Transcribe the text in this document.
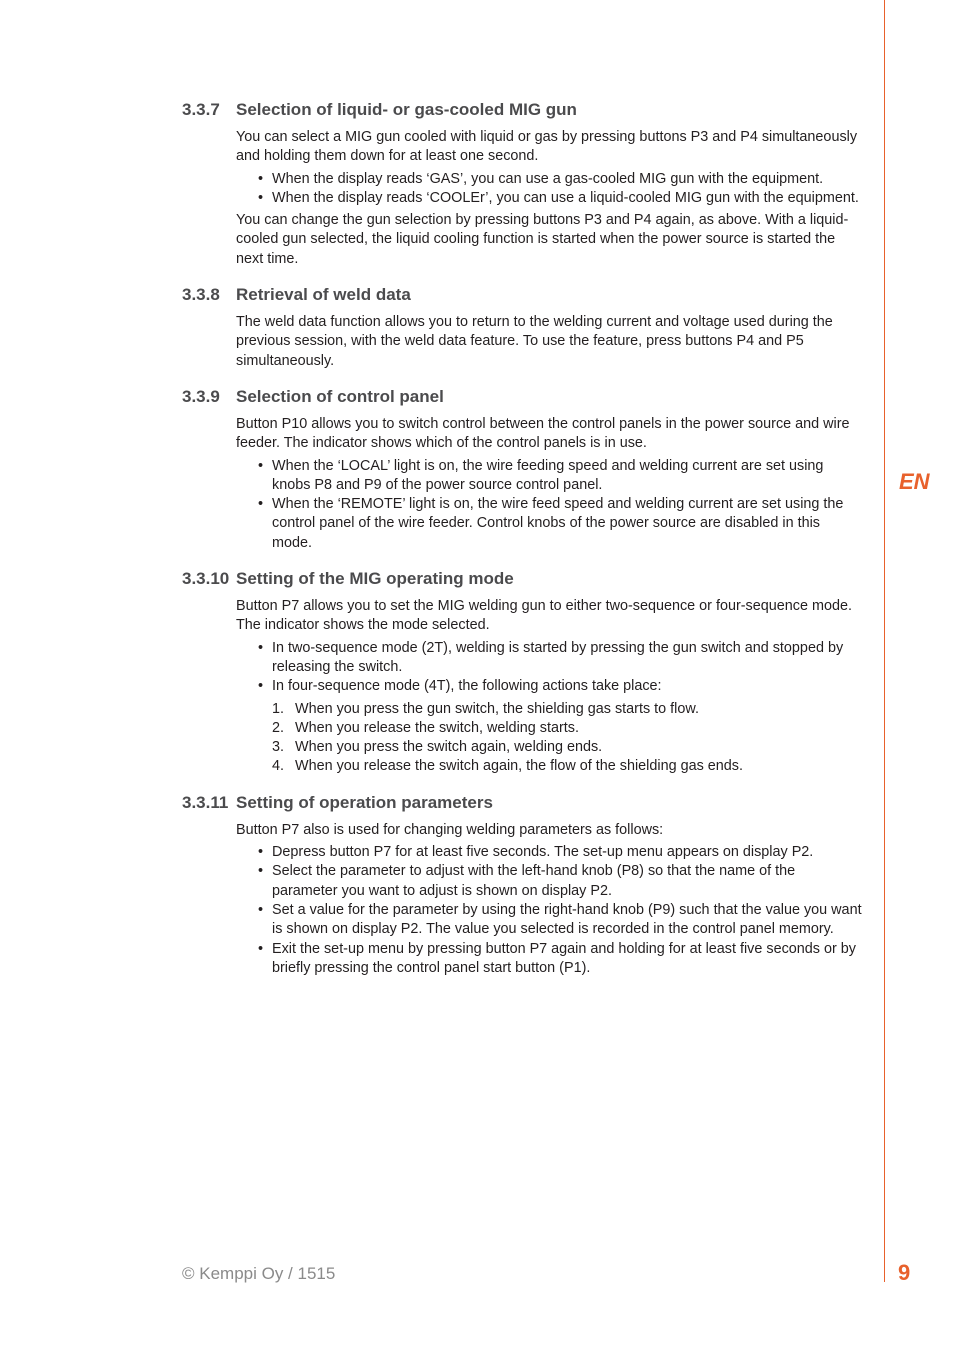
EN
3.3.7 Selection of liquid- or gas-cooled MIG gun

You can select a MIG gun cooled with liquid or gas by pressing buttons P3 and P4 simultaneously and holding them down for at least one second.

• When the display reads ‘GAS’, you can use a gas-cooled MIG gun with the equipment.
• When the display reads ‘COOLEr’, you can use a liquid-cooled MIG gun with the equipment.

You can change the gun selection by pressing buttons P3 and P4 again, as above. With a liquid-cooled gun selected, the liquid cooling function is started when the power source is started the next time.

3.3.8 Retrieval of weld data

The weld data function allows you to return to the welding current and voltage used during the previous session, with the weld data feature. To use the feature, press buttons P4 and P5 simultaneously.

3.3.9 Selection of control panel

Button P10 allows you to switch control between the control panels in the power source and wire feeder. The indicator shows which of the control panels is in use.

• When the ‘LOCAL’ light is on, the wire feeding speed and welding current are set using knobs P8 and P9 of the power source control panel.
• When the ‘REMOTE’ light is on, the wire feed speed and welding current are set using the control panel of the wire feeder. Control knobs of the power source are disabled in this mode.
3.3.10 Setting of the MIG operating mode

Button P7 allows you to set the MIG welding gun to either two-sequence or four-sequence mode. The indicator shows the mode selected.

• In two-sequence mode (2T), welding is started by pressing the gun switch and stopped by releasing the switch.
• In four-sequence mode (4T), the following actions take place:
1. When you press the gun switch, the shielding gas starts to flow.
2. When you release the switch, welding starts.
3. When you press the switch again, welding ends.
4. When you release the switch again, the flow of the shielding gas ends.
3.3.11 Setting of operation parameters

Button P7 also is used for changing welding parameters as follows:

• Depress button P7 for at least five seconds. The set-up menu appears on display P2.
• Select the parameter to adjust with the left-hand knob (P8) so that the name of the parameter you want to adjust is shown on display P2.
• Set a value for the parameter by using the right-hand knob (P9) such that the value you want is shown on display P2. The value you selected is recorded in the control panel memory.
• Exit the set-up menu by pressing button P7 again and holding for at least five seconds or by briefly pressing the control panel start button (P1).
© Kemppi Oy / 1515	9
